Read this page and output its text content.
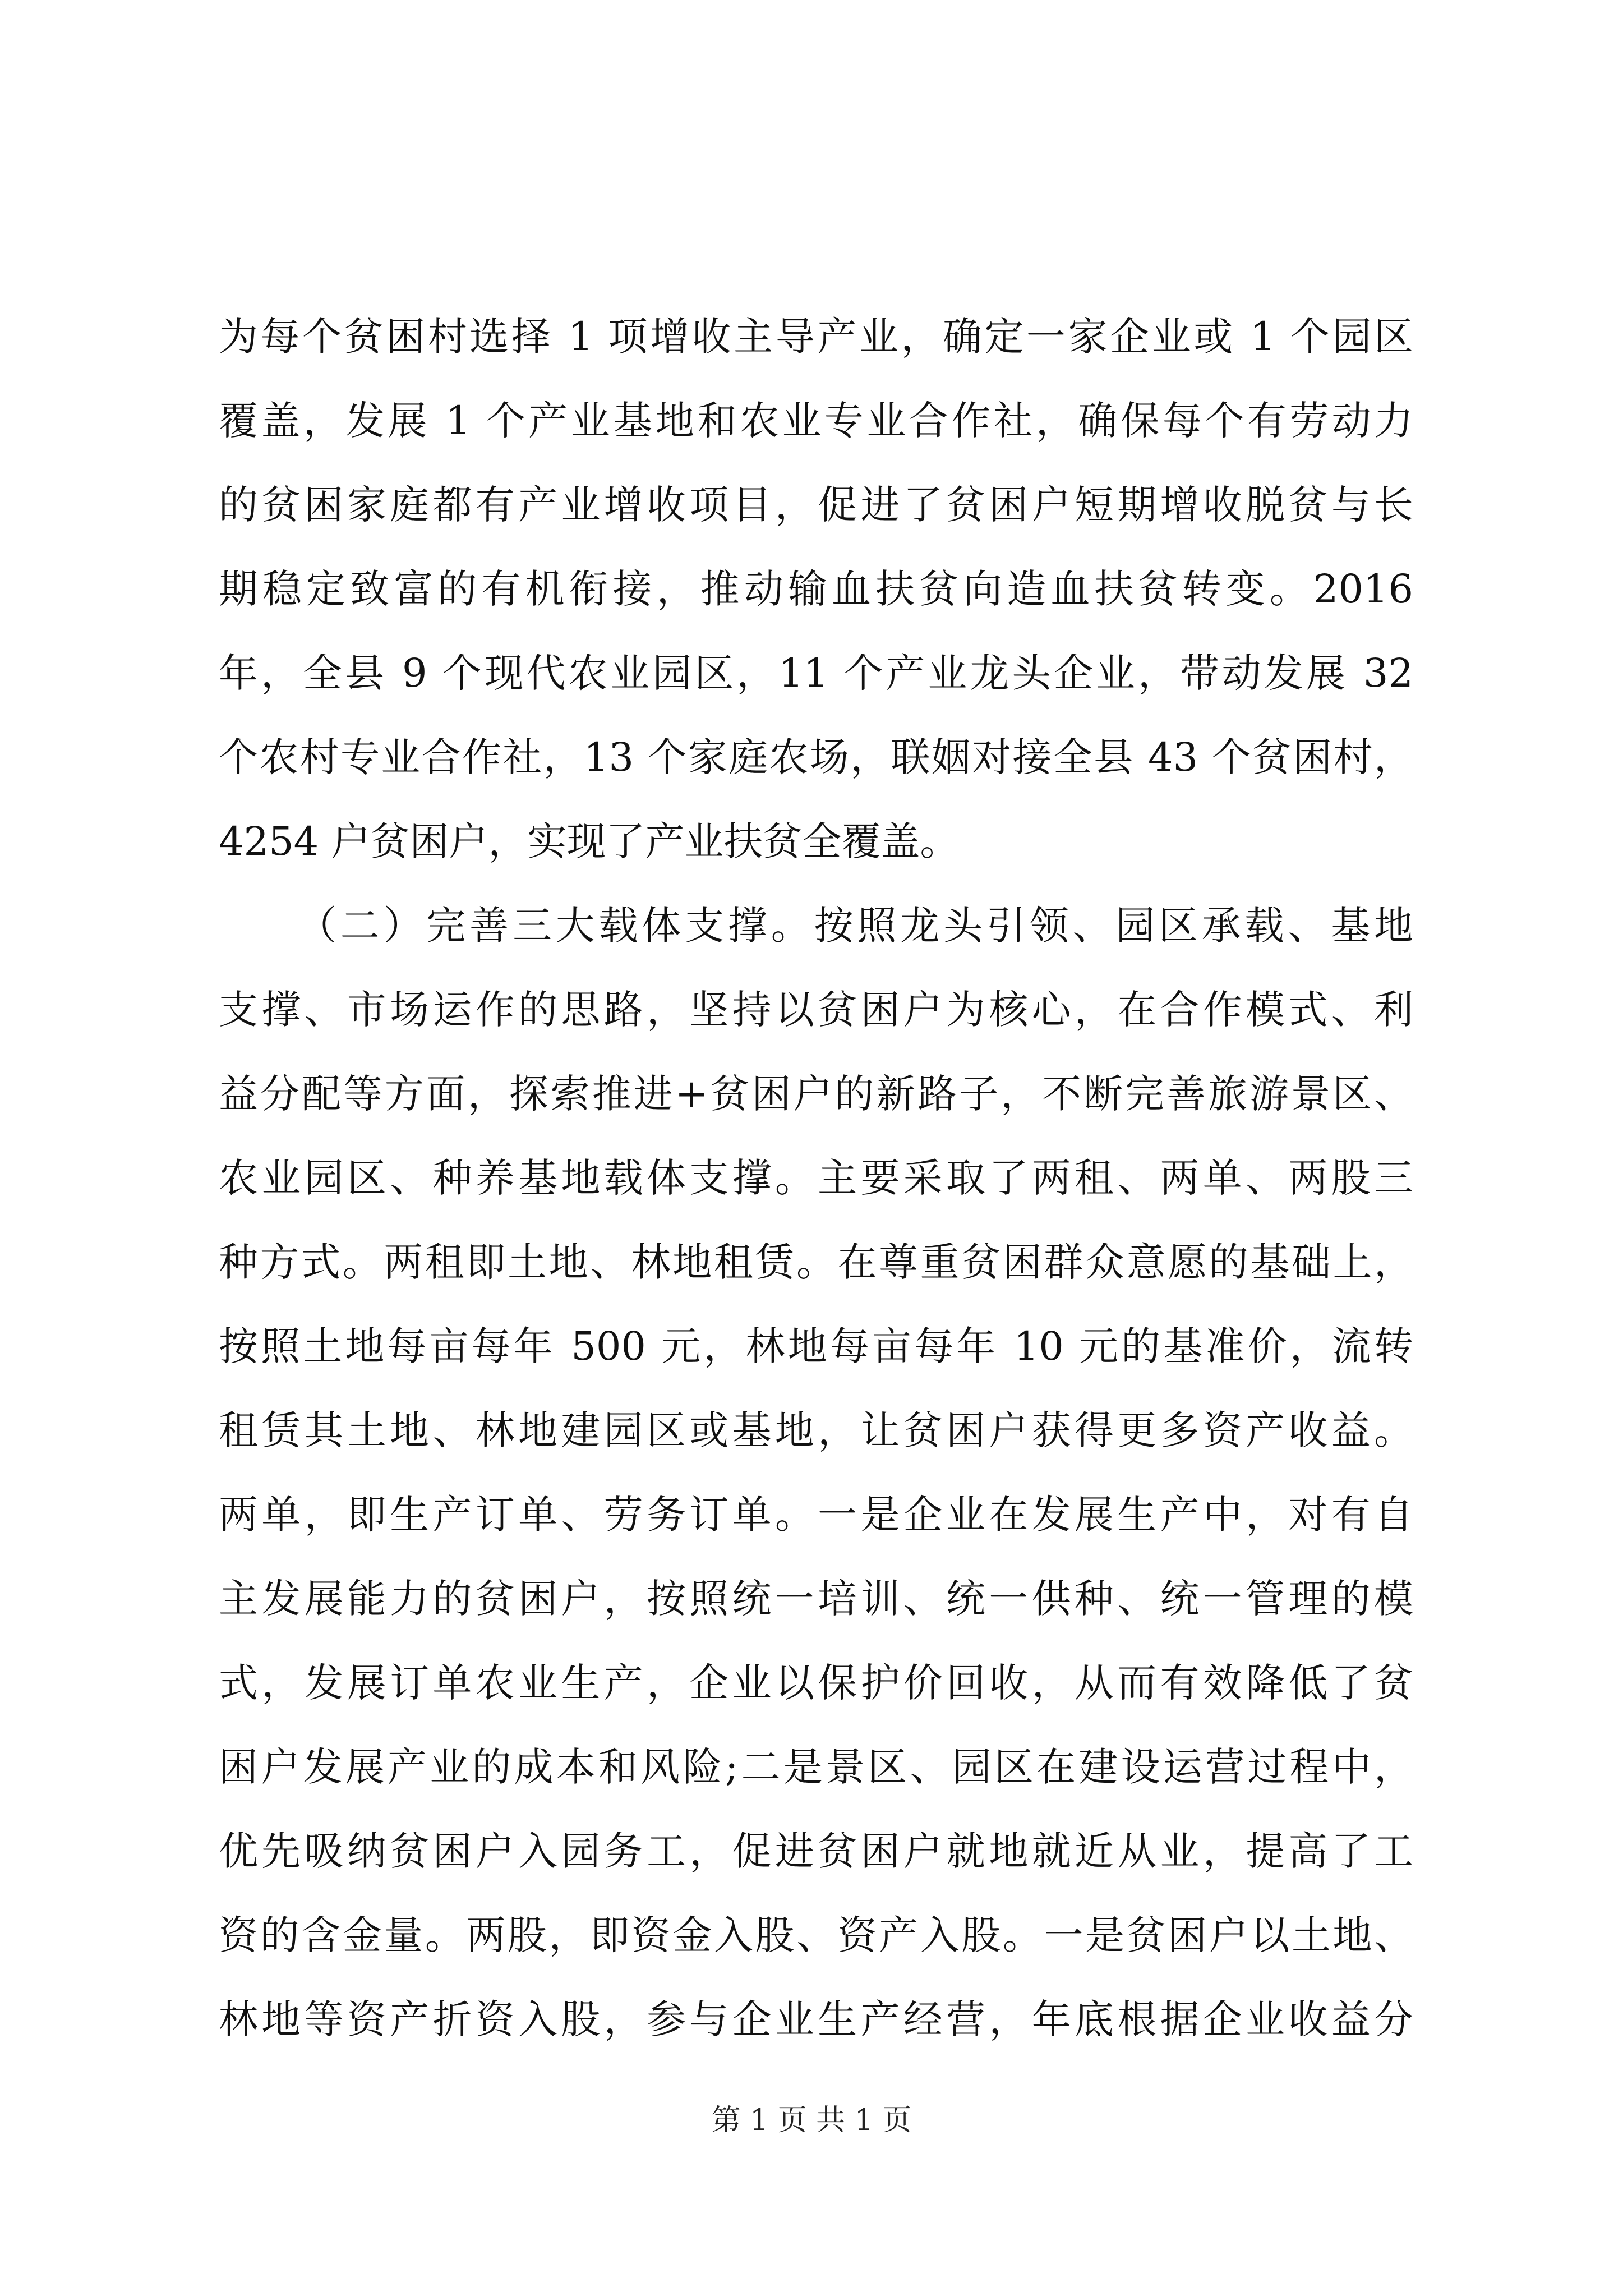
为每个贫困村选择 1 项增收主导产业，确定一家企业或 1 个园区
覆盖，发展 1 个产业基地和农业专业合作社，确保每个有劳动力
的贫困家庭都有产业增收项目，促进了贫困户短期增收脱贫与长
期稳定致富的有机衔接，推动输血扶贫向造血扶贫转变。2016
年，全县 9 个现代农业园区，11 个产业龙头企业，带动发展 32
个农村专业合作社，13 个家庭农场，联姻对接全县 43 个贫困村，
4254 户贫困户，实现了产业扶贫全覆盖。
（二）完善三大载体支撑。按照龙头引领、园区承载、基地
支撑、市场运作的思路，坚持以贫困户为核心，在合作模式、利
益分配等方面，探索推进+贫困户的新路子，不断完善旅游景区、
农业园区、种养基地载体支撑。主要采取了两租、两单、两股三
种方式。两租即土地、林地租赁。在尊重贫困群众意愿的基础上，
按照土地每亩每年 500 元，林地每亩每年 10 元的基准价，流转
租赁其土地、林地建园区或基地，让贫困户获得更多资产收益。
两单，即生产订单、劳务订单。一是企业在发展生产中，对有自
主发展能力的贫困户，按照统一培训、统一供种、统一管理的模
式，发展订单农业生产，企业以保护价回收，从而有效降低了贫
困户发展产业的成本和风险;二是景区、园区在建设运营过程中，
优先吸纳贫困户入园务工，促进贫困户就地就近从业，提高了工
资的含金量。两股，即资金入股、资产入股。一是贫困户以土地、
林地等资产折资入股，参与企业生产经营，年底根据企业收益分
第 1 页 共 1 页
